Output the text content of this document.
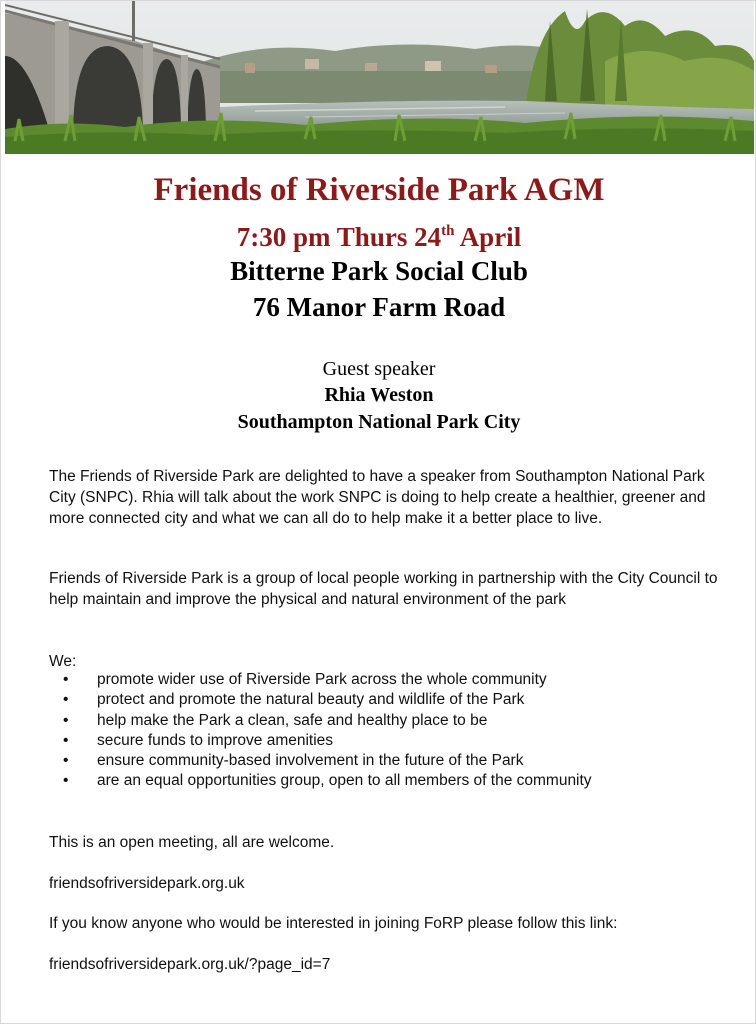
Friends of Riverside Park AGM
7:30 pm Thurs 24th April
Bitterne Park Social Club
76 Manor Farm Road
Guest speaker
Rhia Weston
Southampton National Park City
The Friends of Riverside Park are delighted to have a speaker from Southampton National Park City (SNPC). Rhia will talk about the work SNPC is doing to help create a healthier, greener and more connected city and what we can all do to help make it a better place to live.
Friends of Riverside Park is a group of local people working in partnership with the City Council to help maintain and improve the physical and natural environment of the park
We:
• promote wider use of Riverside Park across the whole community
• protect and promote the natural beauty and wildlife of the Park
• help make the Park a clean, safe and healthy place to be
• secure funds to improve amenities
• ensure community-based involvement in the future of the Park
• are an equal opportunities group, open to all members of the community
This is an open meeting, all are welcome.
friendsofriversidepark.org.uk
If you know anyone who would be interested in joining FoRP please follow this link:
friendsofriversidepark.org.uk/?page_id=7
